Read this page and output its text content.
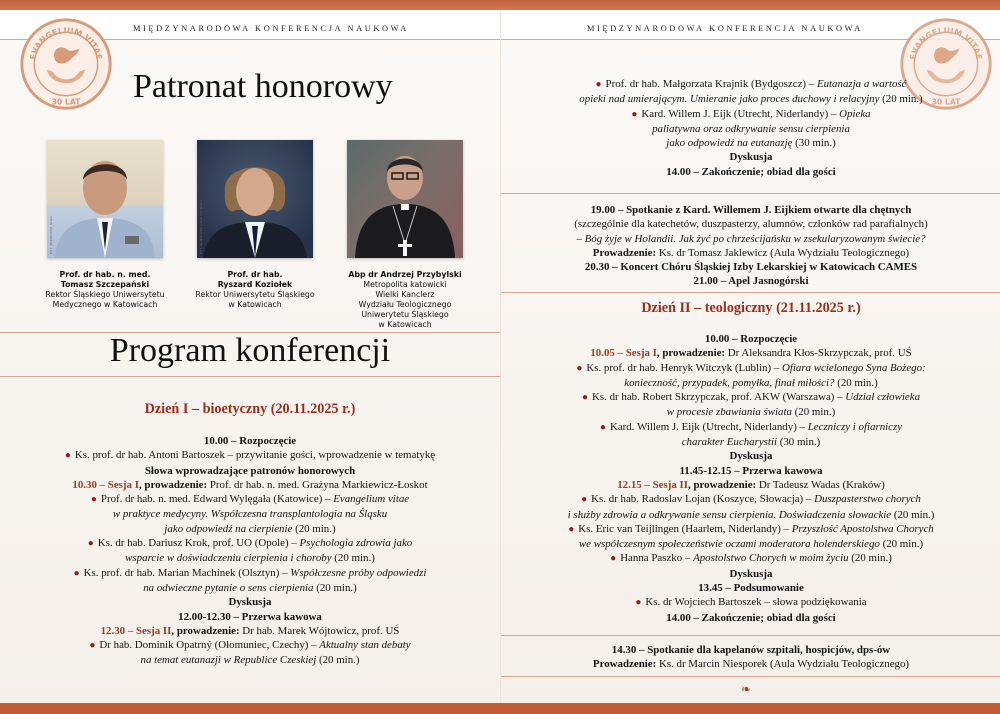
MIĘDZYNARODOWA KONFERENCJA NAUKOWA
EVANGELIUM VITAE
30 LAT Patronat honorowy
FOT. ARKADIUSZ GOLA
Prof. dr hab. n. med.
Tomasz Szczepański
Rektor Śląskiego Uniwersytetu
Medycznego w Katowicach
FOT. AGNIESZKA JULIA SZYMALA
Prof. dr hab.
Ryszard Koziołek
Rektor Uniwersytetu Śląskiego
w Katowicach
FOT. KS. ANTONI BARTOSZEK
Abp dr Andrzej Przybylski
Metropolita katowicki
Wielki Kanclerz
Wydziału Teologicznego
Uniwerytetu Śląskiego
w Katowicach
Program konferencji
Dzień I – bioetyczny (20.11.2025 r.)
10.00 – Rozpoczęcie
● Ks. prof. dr hab. Antoni Bartoszek – przywitanie gości, wprowadzenie w tematykę
Słowa wprowadzające patronów honorowych
10.30 – Sesja I, prowadzenie: Prof. dr hab. n. med. Grażyna Markiewicz-Łoskot
● Prof. dr hab. n. med. Edward Wylęgała (Katowice) – Evangelium vitae
w praktyce medycyny. Współczesna transplantologia na Śląsku
jako odpowiedź na cierpienie (20 min.)
● Ks. dr hab. Dariusz Krok, prof. UO (Opole) – Psychologia zdrowia jako
wsparcie w doświadczeniu cierpienia i choroby (20 min.)
● Ks. prof. dr hab. Marian Machinek (Olsztyn) – Współczesne próby odpowiedzi
na odwieczne pytanie o sens cierpienia (20 min.)
Dyskusja
12.00-12.30 – Przerwa kawowa
12.30 – Sesja II, prowadzenie: Dr hab. Marek Wójtowicz, prof. UŚ
● Dr hab. Dominik Opatrný (Ołomuniec, Czechy) – Aktualny stan debaty
na temat eutanazji w Republice Czeskiej (20 min.)
MIĘDZYNARODOWA KONFERENCJA NAUKOWA
EVANGELIUM VITAE
30 LAT
● Prof. dr hab. Małgorzata Krajnik (Bydgoszcz) – Eutanazja a wartość
opieki nad umierającym. Umieranie jako proces duchowy i relacyjny (20 min.)
● Kard. Willem J. Eijk (Utrecht, Niderlandy) – Opieka
paliatywna oraz odkrywanie sensu cierpienia
jako odpowiedź na eutanazję (30 min.)
Dyskusja
14.00 – Zakończenie; obiad dla gości
19.00 – Spotkanie z Kard. Willemem J. Eijkiem otwarte dla chętnych
(szczególnie dla katechetów, duszpasterzy, alumnów, członków rad parafialnych)
– Bóg żyje w Holandii. Jak żyć po chrześcijańsku w zsekularyzowanym świecie?
Prowadzenie: Ks. dr Tomasz Jaklewicz (Aula Wydziału Teologicznego)
20.30 – Koncert Chóru Śląskiej Izby Lekarskiej w Katowicach CAMES
21.00 – Apel Jasnogórski
Dzień II – teologiczny (21.11.2025 r.)
10.00 – Rozpoczęcie
10.05 – Sesja I, prowadzenie: Dr Aleksandra Kłos-Skrzypczak, prof. UŚ
● Ks. prof. dr hab. Henryk Witczyk (Lublin) – Ofiara wcielonego Syna Bożego:
konieczność, przypadek, pomyłka, finał miłości? (20 min.)
● Ks. dr hab. Robert Skrzypczak, prof. AKW (Warszawa) – Udział człowieka
w procesie zbawiania świata (20 min.)
● Kard. Willem J. Eijk (Utrecht, Niderlandy) – Leczniczy i ofiarniczy
charakter Eucharystii (30 min.)
Dyskusja
11.45-12.15 – Przerwa kawowa
12.15 – Sesja II, prowadzenie: Dr Tadeusz Wadas (Kraków)
● Ks. dr hab. Radoslav Lojan (Koszyce, Słowacja) – Duszpasterstwo chorych
i służby zdrowia a odkrywanie sensu cierpienia. Doświadczenia słowackie (20 min.)
● Ks. Eric van Teijlingen (Haarlem, Niderlandy) – Przyszłość Apostolstwa Chorych
we współczesnym społeczeństwie oczami moderatora holenderskiego (20 min.)
● Hanna Paszko – Apostolstwo Chorych w moim życiu (20 min.)
Dyskusja
13.45 – Podsumowanie
● Ks. dr Wojciech Bartoszek – słowa podziękowania
14.00 – Zakończenie; obiad dla gości
14.30 – Spotkanie dla kapelanów szpitali, hospicjów, dps-ów
Prowadzenie: Ks. dr Marcin Niesporek (Aula Wydziału Teologicznego)
❧
